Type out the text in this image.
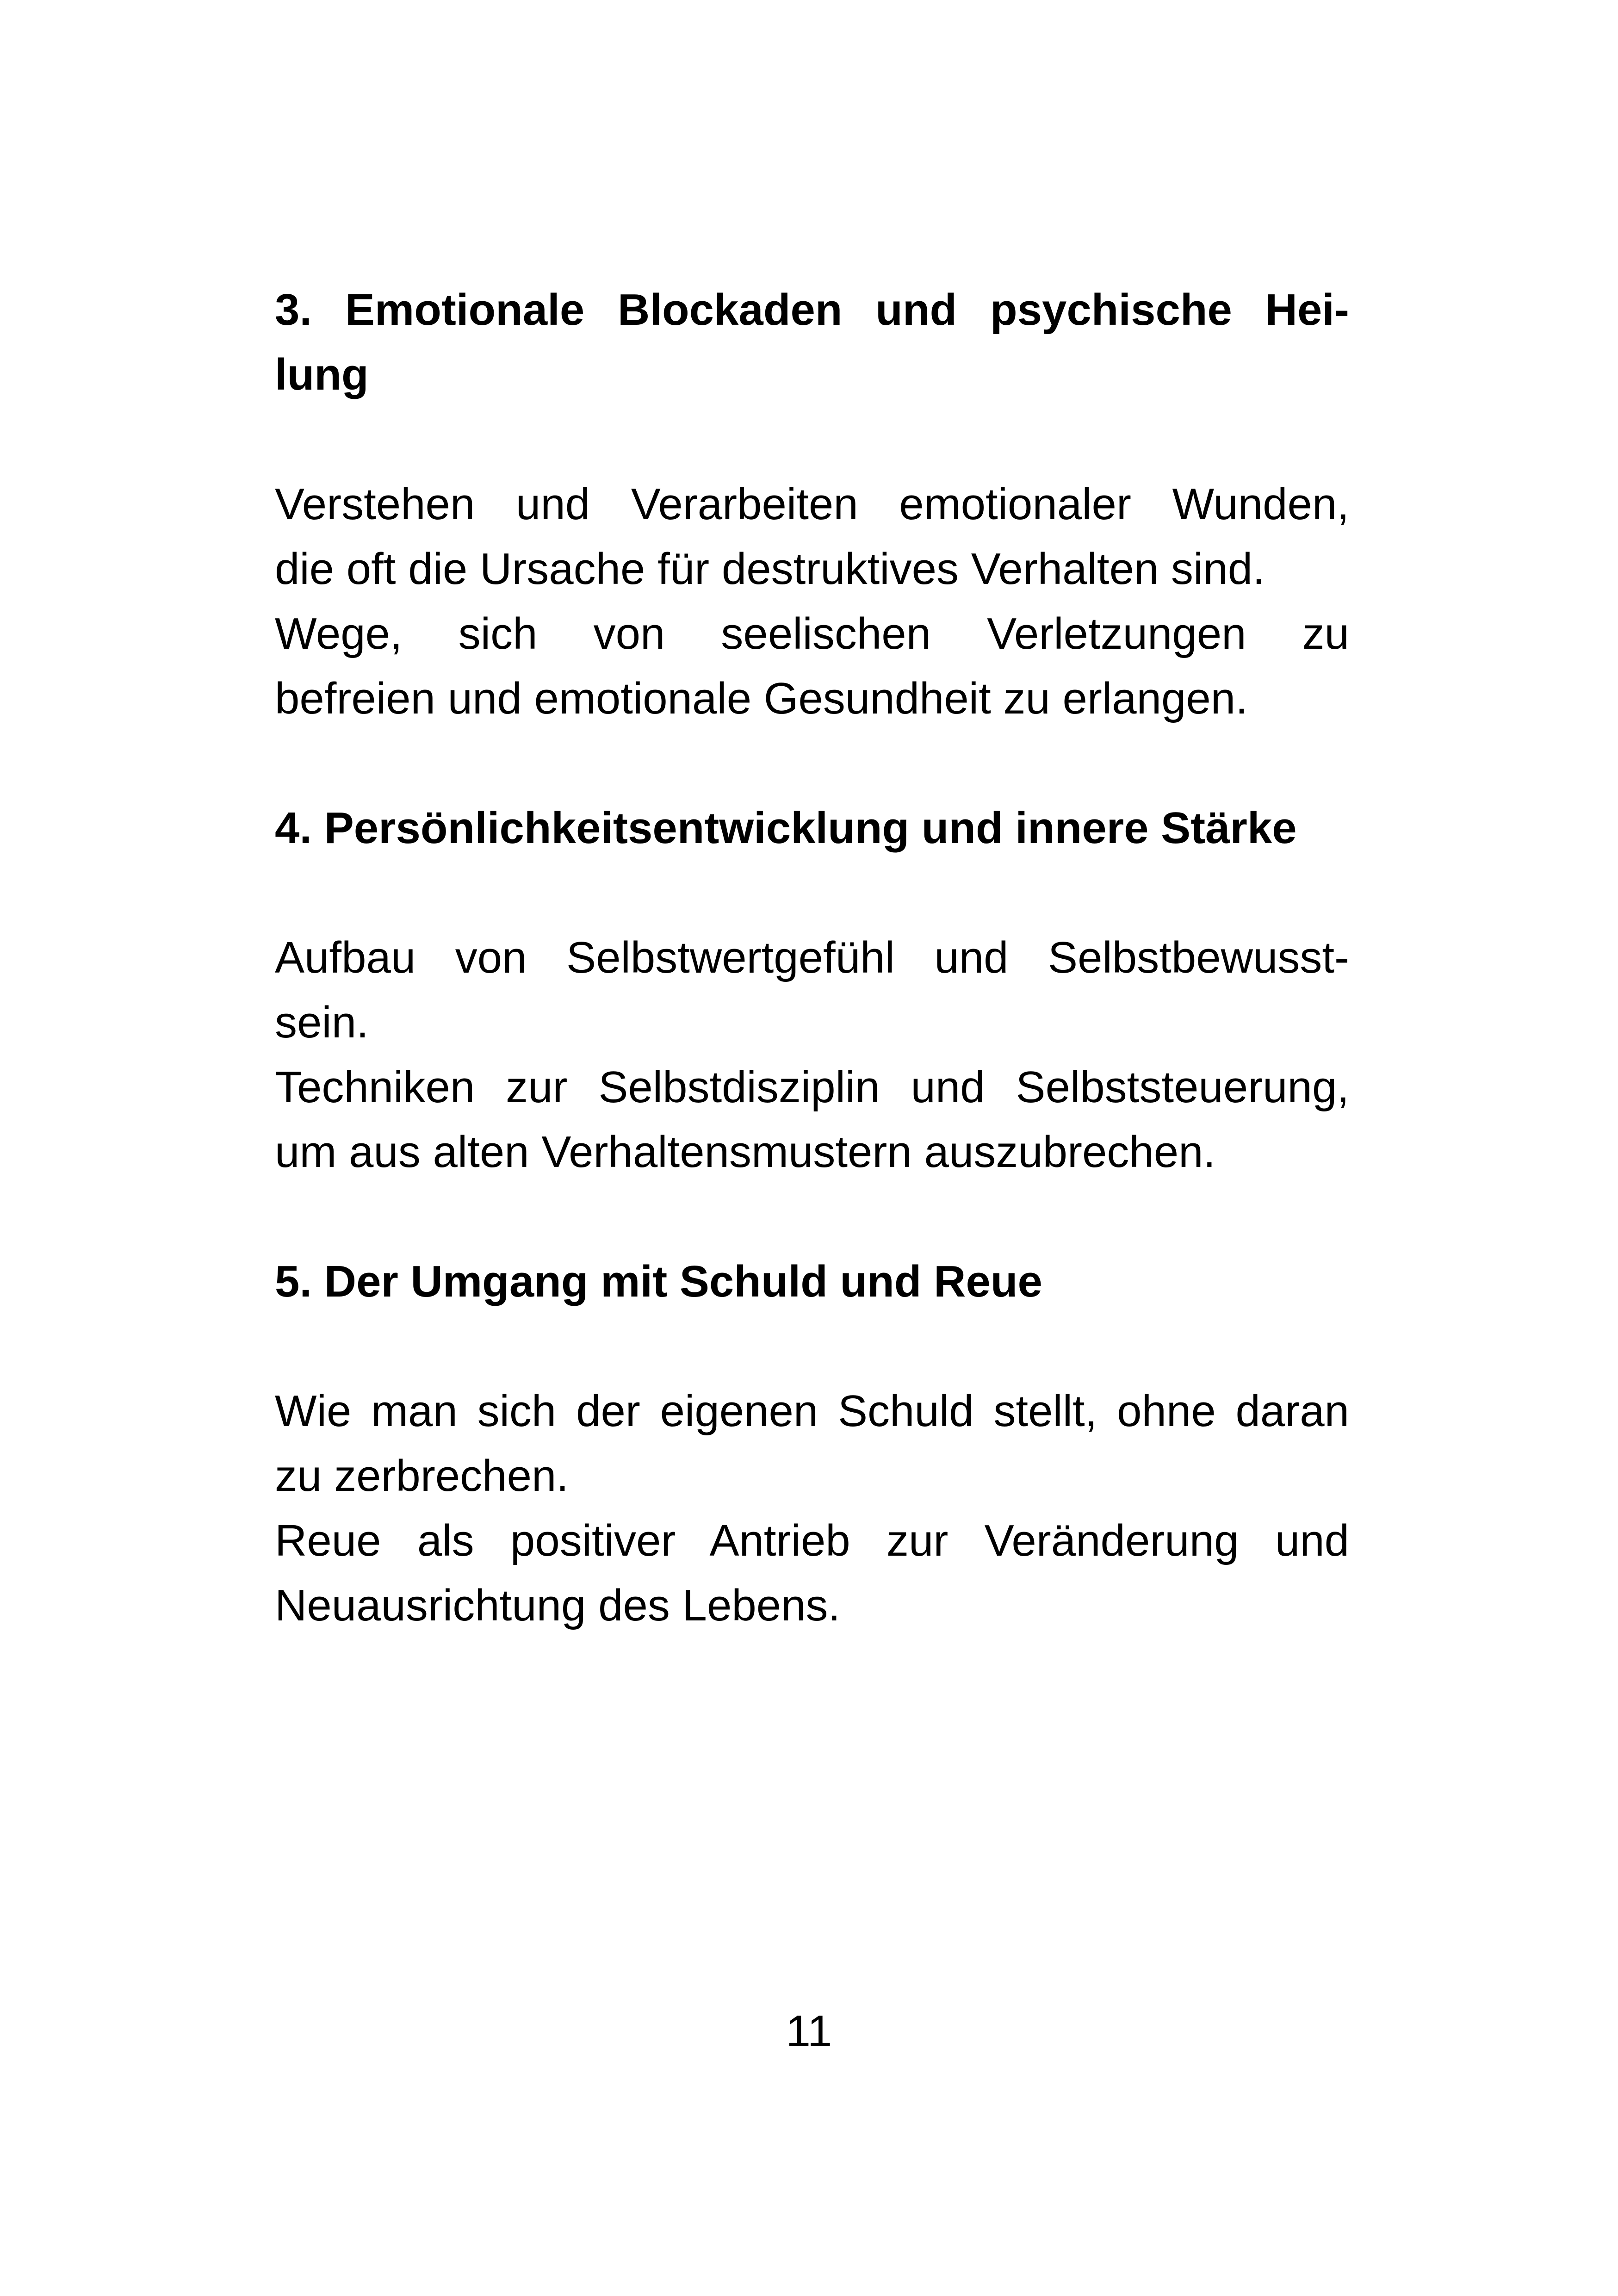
3. Emotionale Blockaden und psychische Hei-
lung
Verstehen und Verarbeiten emotionaler Wunden,
die oft die Ursache für destruktives Verhalten sind.
Wege, sich von seelischen Verletzungen zu
befreien und emotionale Gesundheit zu erlangen.
4. Persönlichkeitsentwicklung und innere Stärke
Aufbau von Selbstwertgefühl und Selbstbewusst-
sein.
Techniken zur Selbstdisziplin und Selbststeuerung,
um aus alten Verhaltensmustern auszubrechen.
5. Der Umgang mit Schuld und Reue
Wie man sich der eigenen Schuld stellt, ohne daran
zu zerbrechen.
Reue als positiver Antrieb zur Veränderung und
Neuausrichtung des Lebens.
11
